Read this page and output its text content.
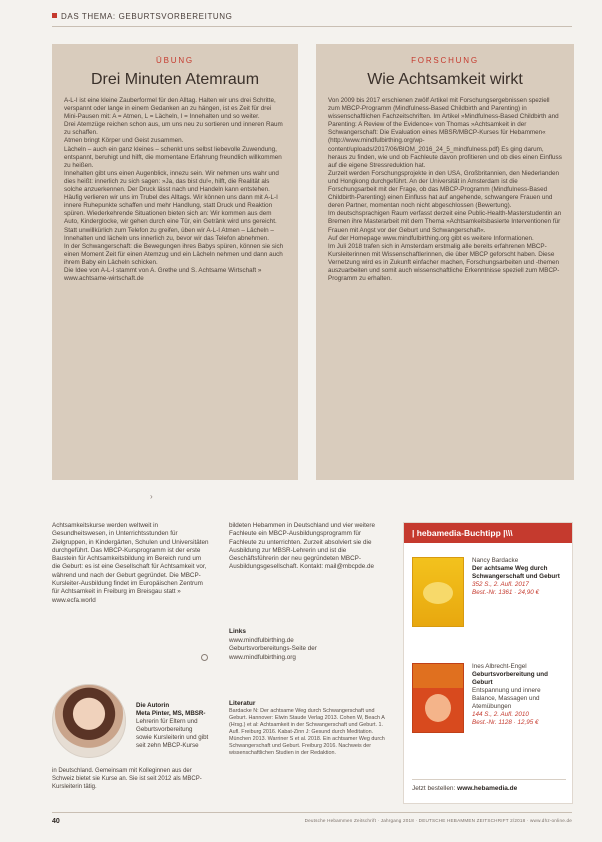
DAS THEMA: GEBURTSVORBEREITUNG
ÜBUNG
Drei Minuten Atemraum

A-L-I ist eine kleine Zauberformel für den Alltag. Halten wir uns drei Schritte, verspannt oder lange in einem Gedanken an zu hängen, ist es Zeit für drei Mini-Pausen mit: A = Atmen, L = Lächeln, I = Innehalten und so weiter.

Drei Atemzüge reichen schon aus, um uns neu zu sortieren und inneren Raum zu schaffen.

Atmen bringt Körper und Geist zusammen.

Lächeln – auch ein ganz kleines – schenkt uns selbst liebevolle Zuwendung, entspannt, beruhigt und hilft, die momentane Erfahrung freundlich willkommen zu heißen.

Innehalten gibt uns einen Augenblick, innezu sein. Wir nehmen uns wahr und dies heißt: innerlich zu sich sagen: »Ja, das bist du!«, hilft, die Realität als solche anzuerkennen. Der Druck lässt nach und Handeln kann entstehen.

Häufig verlieren wir uns im Trubel des Alltags. Wir können uns dann mit A-L-I innere Ruhepunkte schaffen und mehr Handlung, statt Druck und Reaktion spüren. Wiederkehrende Situationen bieten sich an: Wir kommen aus dem Auto, Kinderglocke, wir gehen durch eine Tür, ein Getränk wird uns gereicht. Statt unwillkürlich zum Telefon zu greifen, üben wir A-L-I Atmen – Lächeln – Innehalten und lächeln uns innerlich zu, bevor wir das Telefon abnehmen.

In der Schwangerschaft: die Bewegungen ihres Babys spüren, können sie sich einen Moment Zeit für einen Atemzug und ein Lächeln nehmen und dann auch ihrem Baby ein Lächeln schicken.

Die Idee von A-L-I stammt von A. Grethe und S. Achtsame Wirtschaft » www.achtsame-wirtschaft.de

FORSCHUNG
Wie Achtsamkeit wirkt

Von 2009 bis 2017 erschienen zwölf Artikel mit Forschungsergebnissen speziell zum MBCP-Programm (Mindfulness-Based Childbirth and Parenting) in wissenschaftlichen Fachzeitschriften. Im Artikel »Mindfulness-Based Childbirth and Parenting: A Review of the Evidence« von Thomas »Achtsamkeit in der Schwangerschaft: Die Evaluation eines MBSR/MBCP-Kurses für Hebammen« (http://www.mindfulbirthing.org/wp-content/uploads/2017/06/BIOM_2016_24_5_mindfulness.pdf) Es ging darum, heraus zu finden, wie und ob Fachleute davon profitieren und ob dies einen Einfluss auf die eigene Stressreduktion hat.

Zurzeit werden Forschungsprojekte in den USA, Großbritannien, den Niederlanden und Hongkong durchgeführt. An der Universität in Amsterdam ist die Forschungsarbeit mit der Frage, ob das MBCP-Programm (Mindfulness-Based Childbirth-Parenting) einen Einfluss hat auf angehende, schwangere Frauen und deren Partner, momentan noch nicht abgeschlossen (Bewertung).

Im deutschsprachigen Raum verfasst derzeit eine Public-Health-Masterstudentin an Bremen ihre Masterarbeit mit dem Thema »Achtsamkeitsbasierte Interventionen für Frauen mit Angst vor der Geburt und Schwangerschaft«.

Auf der Homepage www.mindfulbirthing.org gibt es weitere Informationen.

Im Juli 2018 trafen sich in Amsterdam erstmalig alle bereits erfahrenen MBCP-Kursleiterinnen mit Wissenschaftlerinnen, die über MBCP geforscht haben. Diese Vernetzung wird es in Zukunft einfacher machen, Forschungsarbeiten und -themen auszuarbeiten und somit auch wissenschaftliche Erkenntnisse speziell zum MBCP-Programm zu erhalten.

›
Achtsamkeitskurse werden weltweit in Gesundheitswesen, in Unterrichtsstunden für Zielgruppen, in Kindergärten, Schulen und Universitäten durchgeführt. Das MBCP-Kursprogramm ist der erste Baustein für Achtsamkeitsbildung im Bereich rund um die Geburt: es ist eine Gesellschaft für Achtsamkeit vor, während und nach der Geburt gegründet. Die MBCP-Kursleiter-Ausbildung findet im Europäischen Zentrum für Achtsamkeit in Freiburg im Breisgau statt » www.ecfa.world
bildeten Hebammen in Deutschland und vier weitere Fachleute ein MBCP-Ausbildungsprogramm für Fachleute zu unterrichten. Zurzeit absolviert sie die Ausbildung zur MBSR-Lehrerin und ist die Geschäftsführerin der neu gegründeten MBCP-Ausbildungsgesellschaft. Kontakt: mail@mbcpde.de
Links
www.mindfulbirthing.de
Geburtsvorbereitungs-Seite der
www.mindfulbirthing.org
Literatur
Bardacke N: Der achtsame Weg durch Schwangerschaft und Geburt. Hannover: Elwin Staude Verlag 2013. Cohen W, Beach A (Hrsg.) et al: Achtsamkeit in der Schwangerschaft und Geburt. 1. Aufl. Freiburg 2016. Kabat-Zinn J: Gesund durch Meditation. München 2013. Warriner S et al. 2018. Ein achtsamer Weg durch Schwangerschaft und Geburt. Freiburg 2016. Nachweis der wissenschaftlichen Studien in der Redaktion.
Die Autorin
Meta Pinter, MS, MBSR-
Lehrerin für Eltern und Geburtsvorbereitung
sowie Kursleiterin und gibt seit zehn MBCP-Kurse
in Deutschland. Gemeinsam mit Kolleginnen aus der Schweiz bietet sie Kurse an. Sie ist seit 2012 als MBCP-Kursleiterin tätig.
| hebamedia-Buchtipp |\\\
Nancy Bardacke
Der achtsame Weg durch Schwangerschaft und Geburt
352 S., 2. Aufl. 2017
Best.-Nr. 1361 · 24,90 €
Ines Albrecht-Engel
Geburtsvorbereitung und Geburt
Entspannung und innere Balance, Massagen und Atemübungen
144 S., 2. Aufl. 2010
Best.-Nr. 1128 · 12,95 €
Jetzt bestellen: www.hebamedia.de
40	Deutsche Hebammen Zeitschrift · Jahrgang 2018 · DEUTSCHE HEBAMMEN ZEITSCHRIFT 2/2018 · www.dhz-online.de
